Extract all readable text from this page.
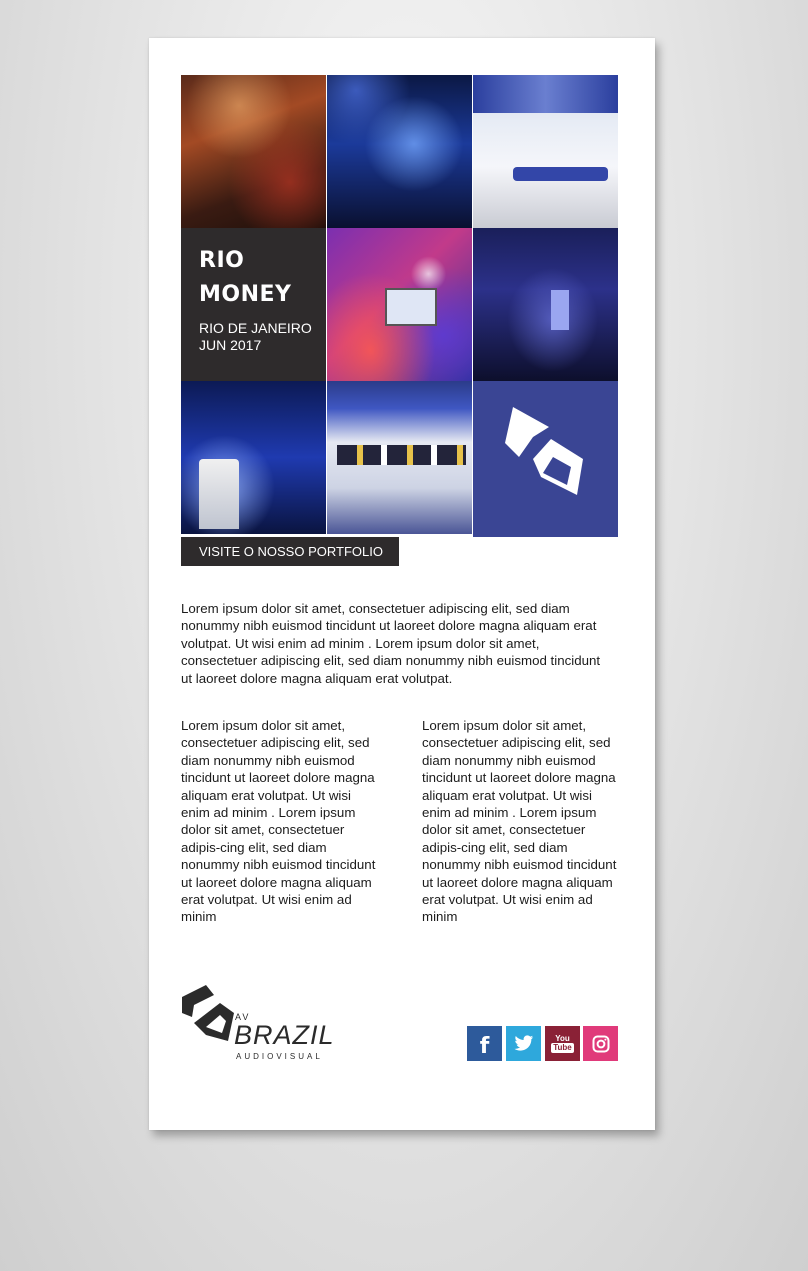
RIO

MONEY

RIO DE JANEIRO

JUN 2017

VISITE O NOSSO PORTFOLIO

Lorem ipsum dolor sit amet, consectetuer adipiscing elit, sed diam nonummy nibh euismod tincidunt ut laoreet dolore magna aliquam erat volutpat. Ut wisi enim ad minim . Lorem ipsum dolor sit amet, consectetuer adipiscing elit, sed diam nonummy nibh euismod tincidunt ut laoreet dolore magna aliquam erat volutpat.

Lorem ipsum dolor sit amet, consectetuer adipiscing elit, sed diam nonummy nibh euismod tincidunt ut laoreet dolore magna aliquam erat volutpat. Ut wisi enim ad minim . Lorem ipsum dolor sit amet, consectetuer adipis-cing elit, sed diam nonummy nibh euismod tincidunt ut laoreet dolore magna aliquam erat volutpat. Ut wisi enim ad minim

Lorem ipsum dolor sit amet, consectetuer adipiscing elit, sed diam nonummy nibh euismod tincidunt ut laoreet dolore magna aliquam erat volutpat. Ut wisi enim ad minim . Lorem ipsum dolor sit amet, consectetuer adipis-cing elit, sed diam nonummy nibh euismod tincidunt ut laoreet dolore magna aliquam erat volutpat. Ut wisi enim ad minim

AV
BRAZIL
AUDIOVISUAL	f	You
Tube
